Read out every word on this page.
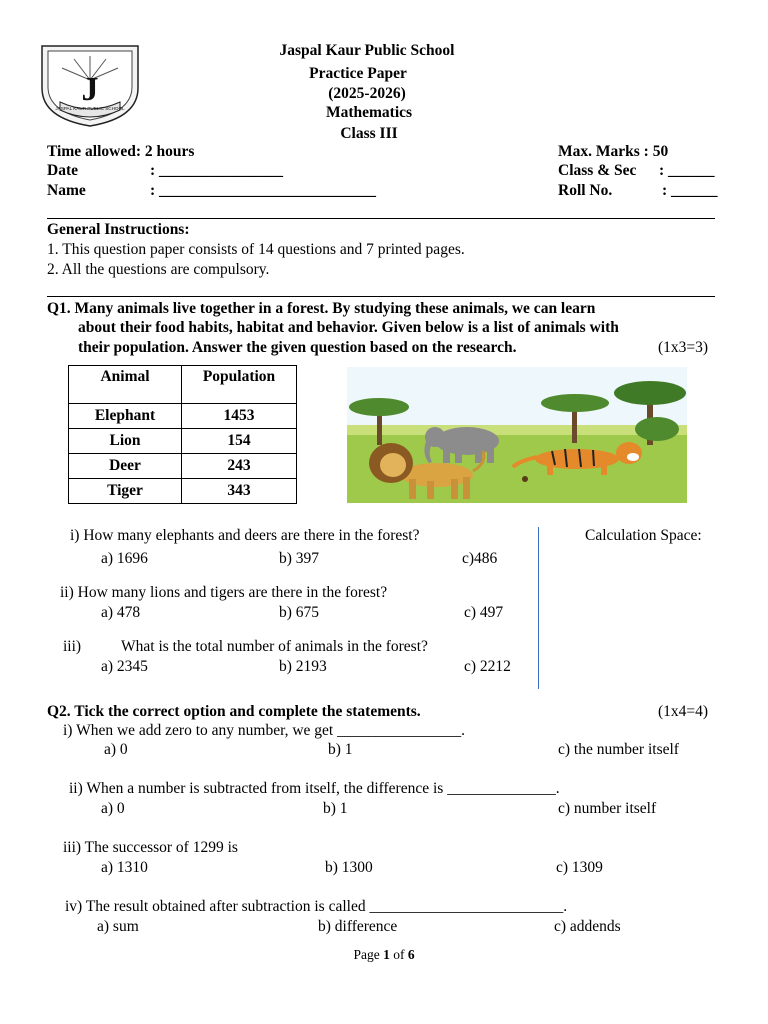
J
JASPAL KAUR PUBLIC SCHOOL
Jaspal Kaur Public School
Practice Paper
(2025-2026)
Mathematics
Class III
Time allowed: 2 hours	Max. Marks : 50
Date	: ________________	Class & Sec : ______
Name	: ____________________________	Roll No.	: ______
General Instructions:
1. This question paper consists of 14 questions and 7 printed pages.
2. All the questions are compulsory.
Q1. Many animals live together in a forest. By studying these animals, we can learn
about their food habits, habitat and behavior. Given below is a list of animals with
their population. Answer the given question based on the research.	(1x3=3)
Animal	Population
Elephant	1453
Lion	154
Deer	243
Tiger	343
i) How many elephants and deers are there in the forest?
a) 1696	b) 397	c)486
ii) How many lions and tigers are there in the forest?
a) 478	b) 675	c) 497
iii)	What is the total number of animals in the forest?
a) 2345	b) 2193	c) 2212
Calculation Space:
Q2. Tick the correct option and complete the statements.	(1x4=4)
i) When we add zero to any number, we get ________________.
a) 0	b) 1	c) the number itself
ii) When a number is subtracted from itself, the difference is ______________.
a) 0	b) 1	c) number itself
iii) The successor of 1299 is
a) 1310	b) 1300	c) 1309
iv) The result obtained after subtraction is called _________________________.
a) sum	b) difference	c) addends
Page 1 of 6
